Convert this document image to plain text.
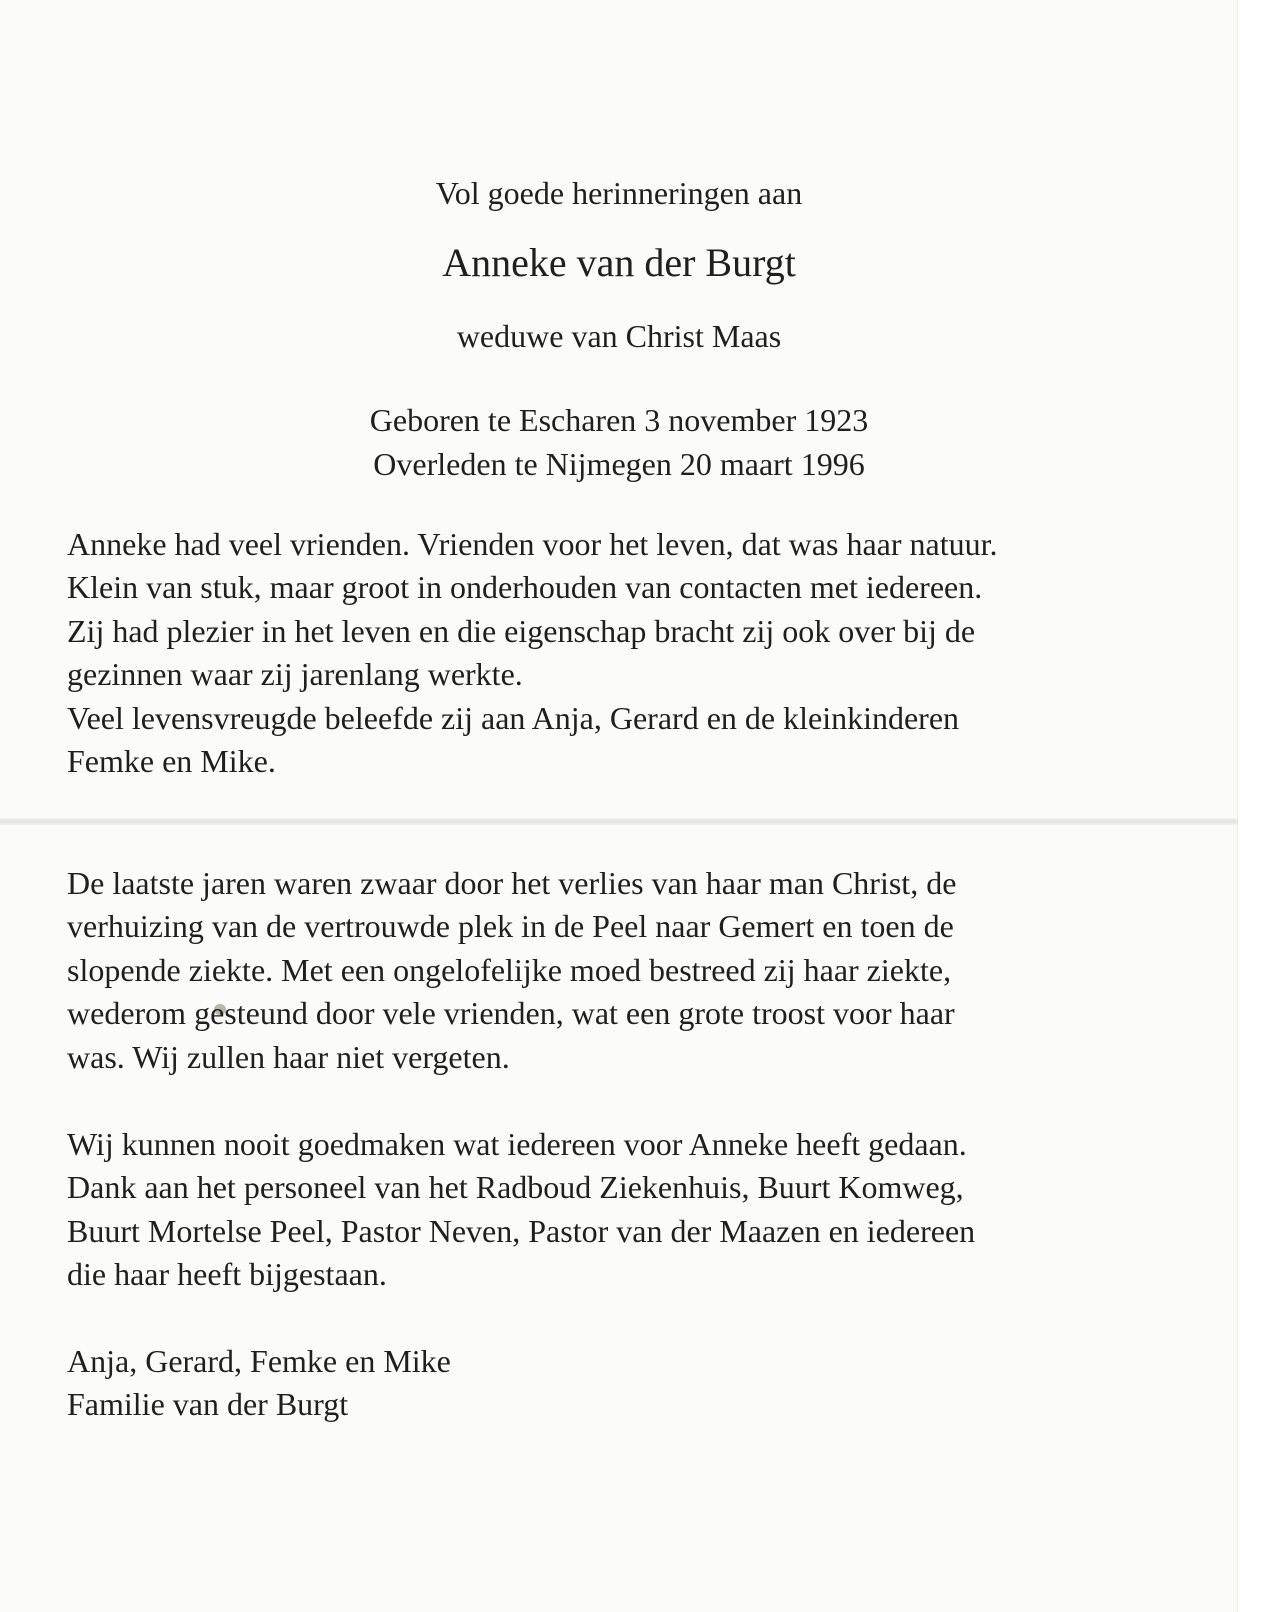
Vol goede herinneringen aan
Anneke van der Burgt
weduwe van Christ Maas
Geboren te Escharen 3 november 1923
Overleden te Nijmegen 20 maart 1996

Anneke had veel vrienden. Vrienden voor het leven, dat was haar natuur.
Klein van stuk, maar groot in onderhouden van contacten met iedereen.
Zij had plezier in het leven en die eigenschap bracht zij ook over bij de
gezinnen waar zij jarenlang werkte.
Veel levensvreugde beleefde zij aan Anja, Gerard en de kleinkinderen
Femke en Mike.

De laatste jaren waren zwaar door het verlies van haar man Christ, de
verhuizing van de vertrouwde plek in de Peel naar Gemert en toen de
slopende ziekte. Met een ongelofelijke moed bestreed zij haar ziekte,
wederom gesteund door vele vrienden, wat een grote troost voor haar
was. Wij zullen haar niet vergeten.

Wij kunnen nooit goedmaken wat iedereen voor Anneke heeft gedaan.
Dank aan het personeel van het Radboud Ziekenhuis, Buurt Komweg,
Buurt Mortelse Peel, Pastor Neven, Pastor van der Maazen en iedereen
die haar heeft bijgestaan.

Anja, Gerard, Femke en Mike
Familie van der Burgt
